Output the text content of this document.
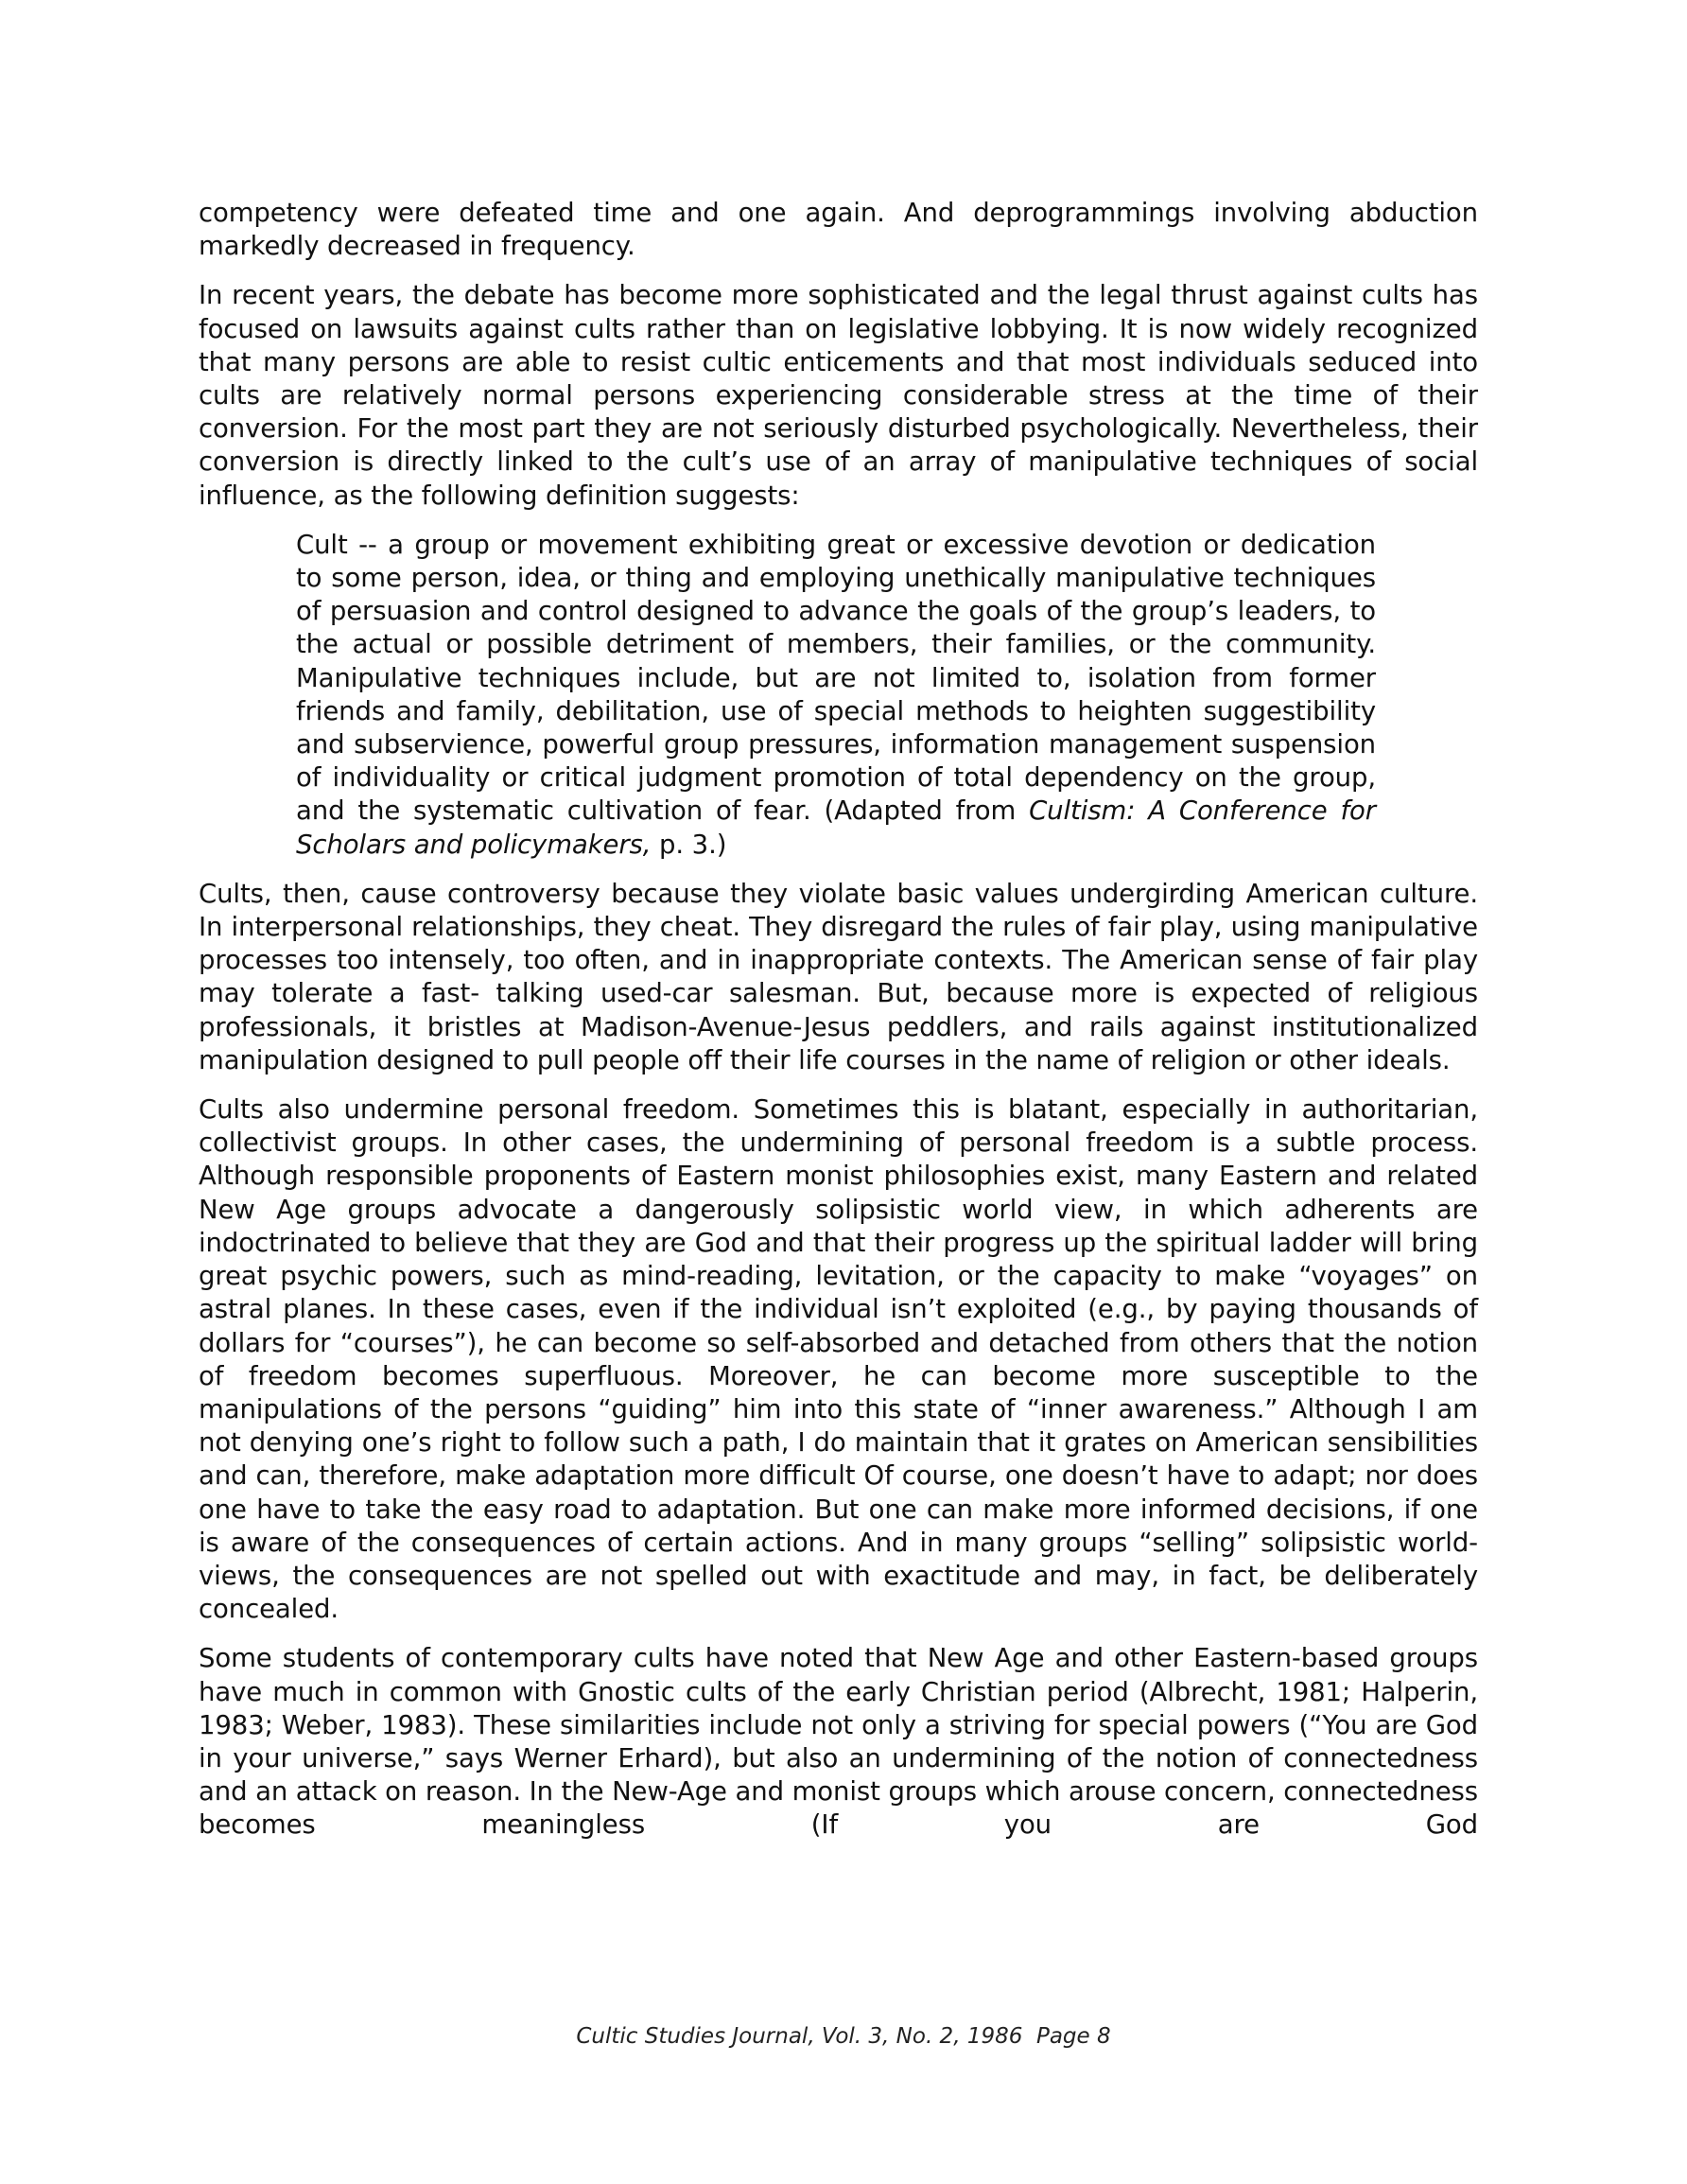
competency were defeated time and one again. And deprogrammings involving abduction markedly decreased in frequency.

In recent years, the debate has become more sophisticated and the legal thrust against cults has focused on lawsuits against cults rather than on legislative lobbying. It is now widely recognized that many persons are able to resist cultic enticements and that most individuals seduced into cults are relatively normal persons experiencing considerable stress at the time of their conversion. For the most part they are not seriously disturbed psychologically. Nevertheless, their conversion is directly linked to the cult’s use of an array of manipulative techniques of social influence, as the following definition suggests:

Cult -- a group or movement exhibiting great or excessive devotion or dedication to some person, idea, or thing and employing unethically manipulative techniques of persuasion and control designed to advance the goals of the group’s leaders, to the actual or possible detriment of members, their families, or the community. Manipulative techniques include, but are not limited to, isolation from former friends and family, debilitation, use of special methods to heighten suggestibility and subservience, powerful group pressures, information management suspension of individuality or critical judgment promotion of total dependency on the group, and the systematic cultivation of fear. (Adapted from Cultism: A Conference for Scholars and policymakers, p. 3.)

Cults, then, cause controversy because they violate basic values undergirding American culture. In interpersonal relationships, they cheat. They disregard the rules of fair play, using manipulative processes too intensely, too often, and in inappropriate contexts. The American sense of fair play may tolerate a fast- talking used-car salesman. But, because more is expected of religious professionals, it bristles at Madison-Avenue-Jesus peddlers, and rails against institutionalized manipulation designed to pull people off their life courses in the name of religion or other ideals.

Cults also undermine personal freedom. Sometimes this is blatant, especially in authoritarian, collectivist groups. In other cases, the undermining of personal freedom is a subtle process. Although responsible proponents of Eastern monist philosophies exist, many Eastern and related New Age groups advocate a dangerously solipsistic world view, in which adherents are indoctrinated to believe that they are God and that their progress up the spiritual ladder will bring great psychic powers, such as mind-reading, levitation, or the capacity to make “voyages” on astral planes. In these cases, even if the individual isn’t exploited (e.g., by paying thousands of dollars for “courses”), he can become so self-absorbed and detached from others that the notion of freedom becomes superfluous. Moreover, he can become more susceptible to the manipulations of the persons “guiding” him into this state of “inner awareness.” Although I am not denying one’s right to follow such a path, I do maintain that it grates on American sensibilities and can, therefore, make adaptation more difficult Of course, one doesn’t have to adapt; nor does one have to take the easy road to adaptation. But one can make more informed decisions, if one is aware of the consequences of certain actions. And in many groups “selling” solipsistic world- views, the consequences are not spelled out with exactitude and may, in fact, be deliberately concealed.

Some students of contemporary cults have noted that New Age and other Eastern-based groups have much in common with Gnostic cults of the early Christian period (Albrecht, 1981; Halperin, 1983; Weber, 1983). These similarities include not only a striving for special powers (“You are God in your universe,” says Werner Erhard), but also an undermining of the notion of connectedness and an attack on reason. In the New-Age and monist groups which arouse concern, connectedness becomes meaningless (If you are God

Cultic Studies Journal, Vol. 3, No. 2, 1986  Page 8
